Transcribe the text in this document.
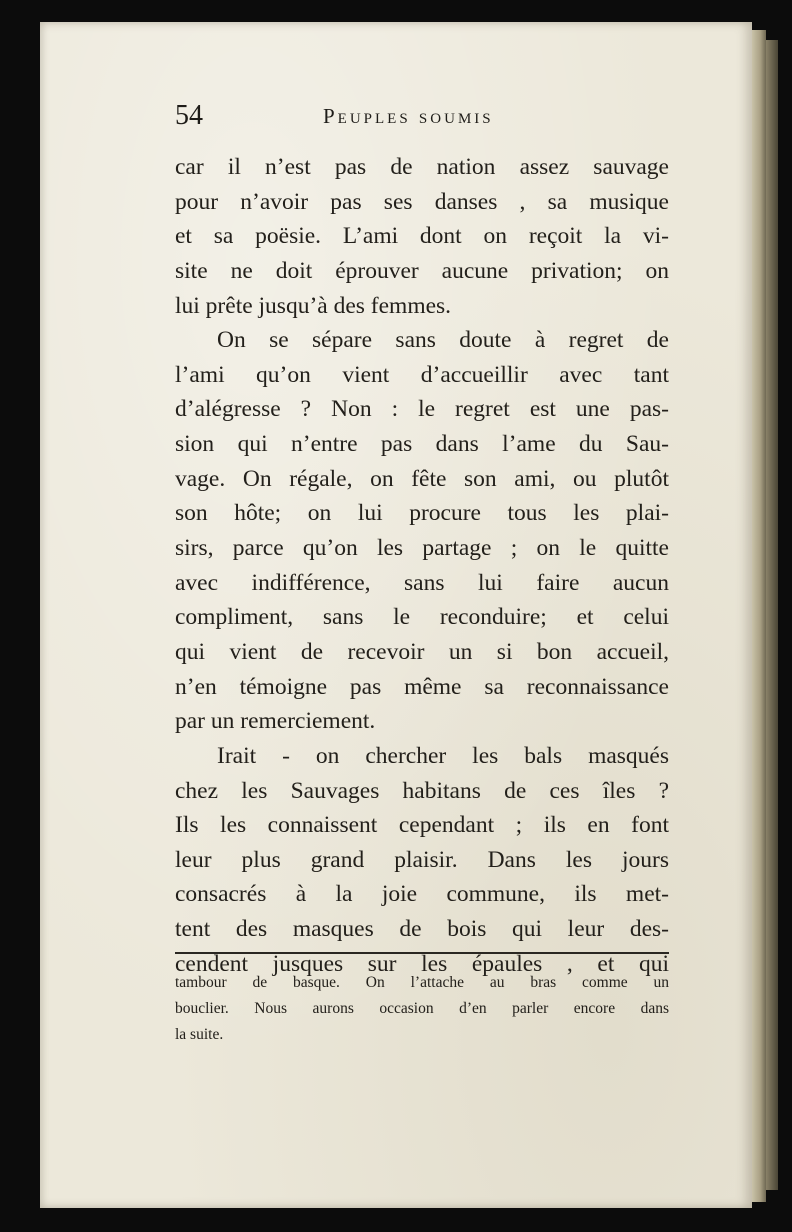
54	Peuples soumis
car il n’est pas de nation assez sauvage
pour n’avoir pas ses danses , sa musique
et sa poësie. L’ami dont on reçoit la vi-
site ne doit éprouver aucune privation; on
lui prête jusqu’à des femmes.
On se sépare sans doute à regret de
l’ami qu’on vient d’accueillir avec tant
d’alégresse ? Non : le regret est une pas-
sion qui n’entre pas dans l’ame du Sau-
vage. On régale, on fête son ami, ou plutôt
son hôte; on lui procure tous les plai-
sirs, parce qu’on les partage ; on le quitte
avec indifférence, sans lui faire aucun
compliment, sans le reconduire; et celui
qui vient de recevoir un si bon accueil,
n’en témoigne pas même sa reconnaissance
par un remerciement.
Irait - on chercher les bals masqués
chez les Sauvages habitans de ces îles ?
Ils les connaissent cependant ; ils en font
leur plus grand plaisir. Dans les jours
consacrés à la joie commune, ils met-
tent des masques de bois qui leur des-
cendent jusques sur les épaules , et qui
tambour de basque. On l’attache au bras comme un
bouclier. Nous aurons occasion d’en parler encore dans
la suite.
